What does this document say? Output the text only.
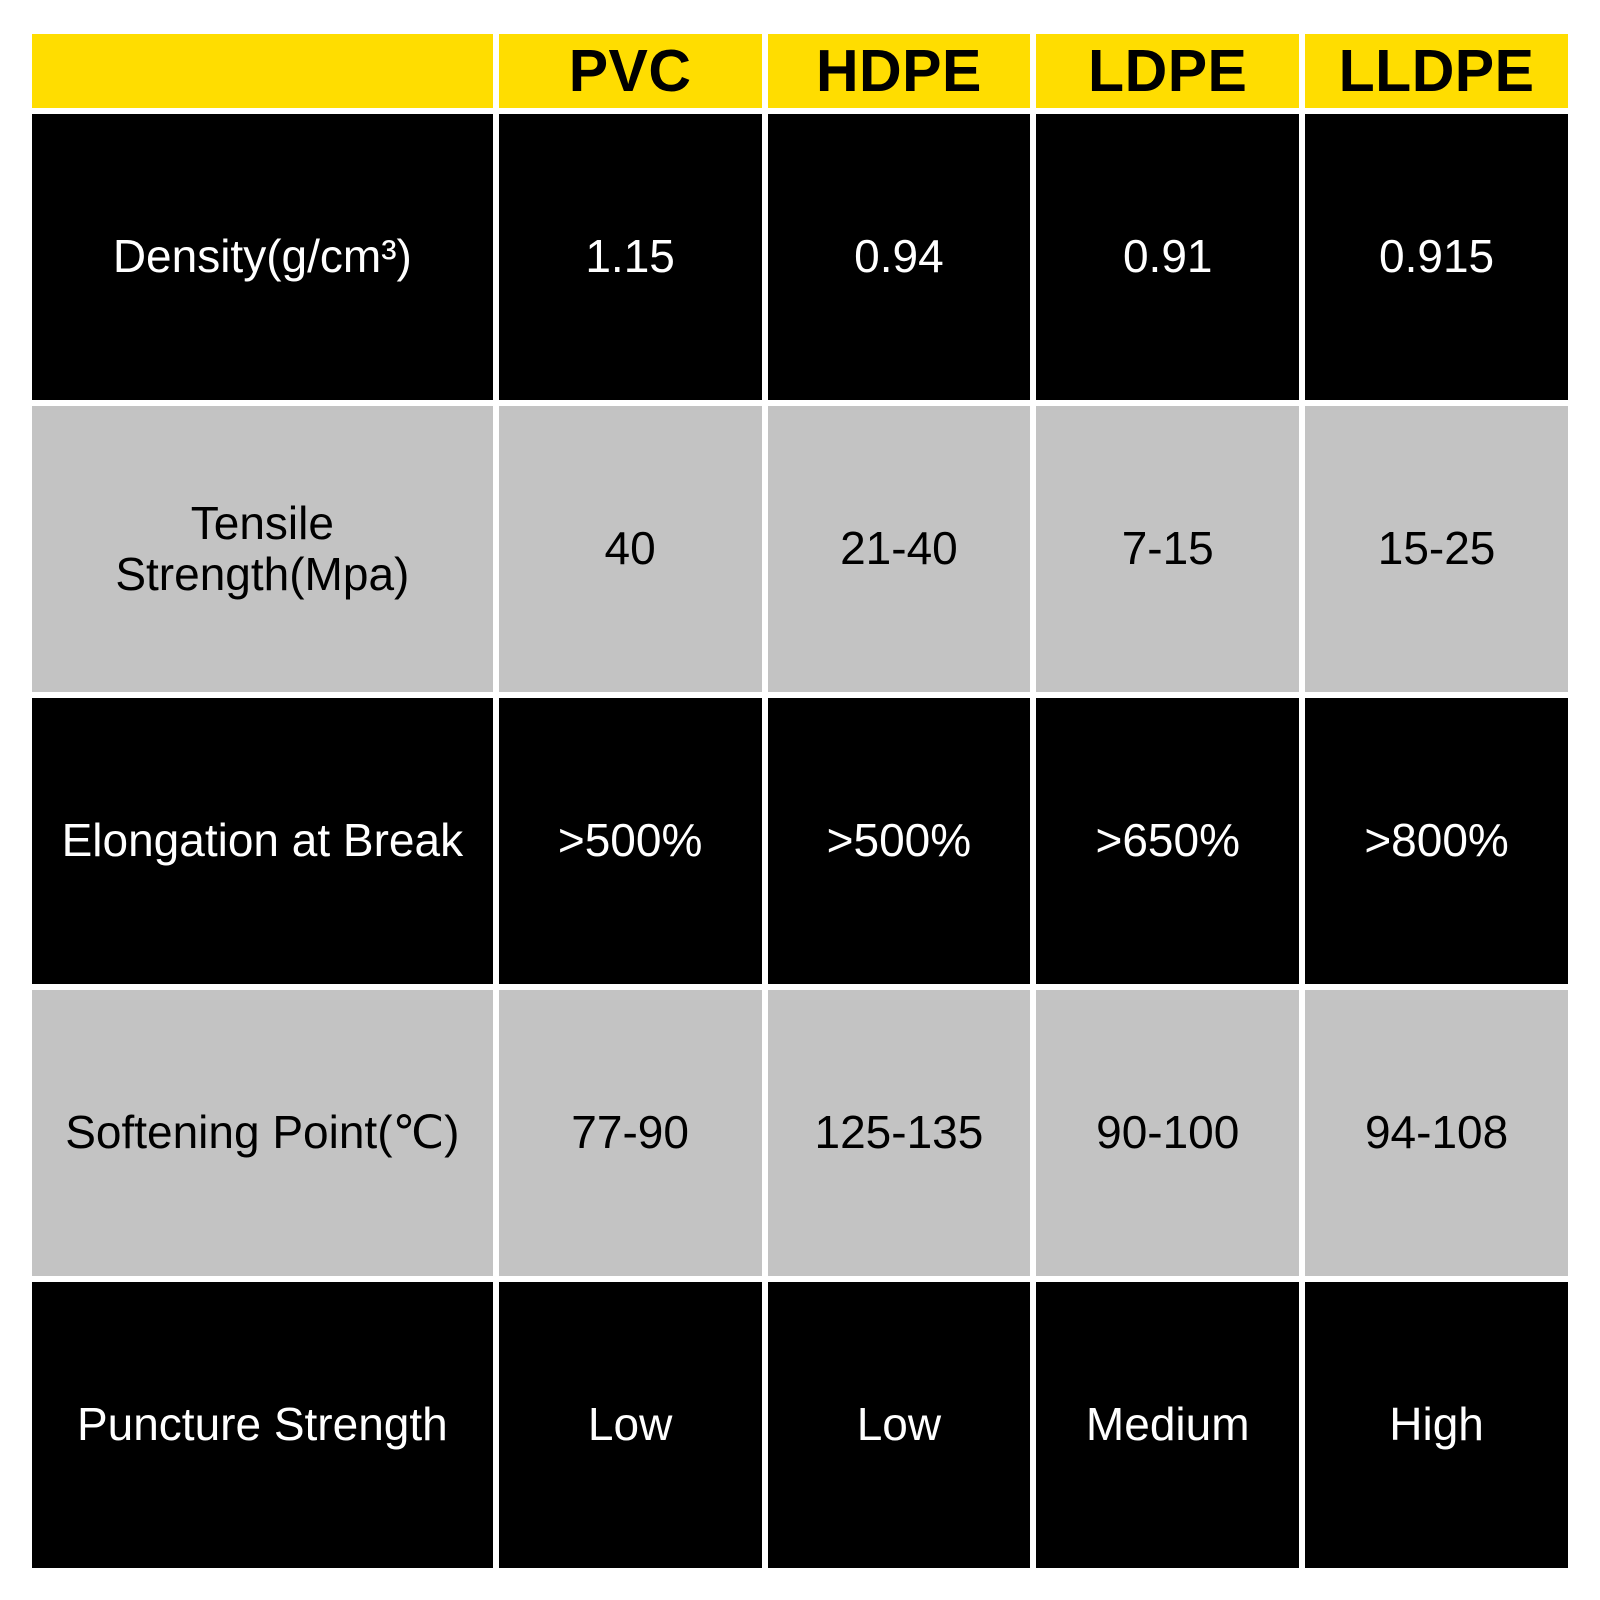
	PVC	HDPE	LDPE	LLDPE
Density(g/cm³)	1.15	0.94	0.91	0.915
Tensile Strength(Mpa)	40	21-40	7-15	15-25
Elongation at Break	>500%	>500%	>650%	>800%
Softening Point(℃)	77-90	125-135	90-100	94-108
Puncture Strength	Low	Low	Medium	High
